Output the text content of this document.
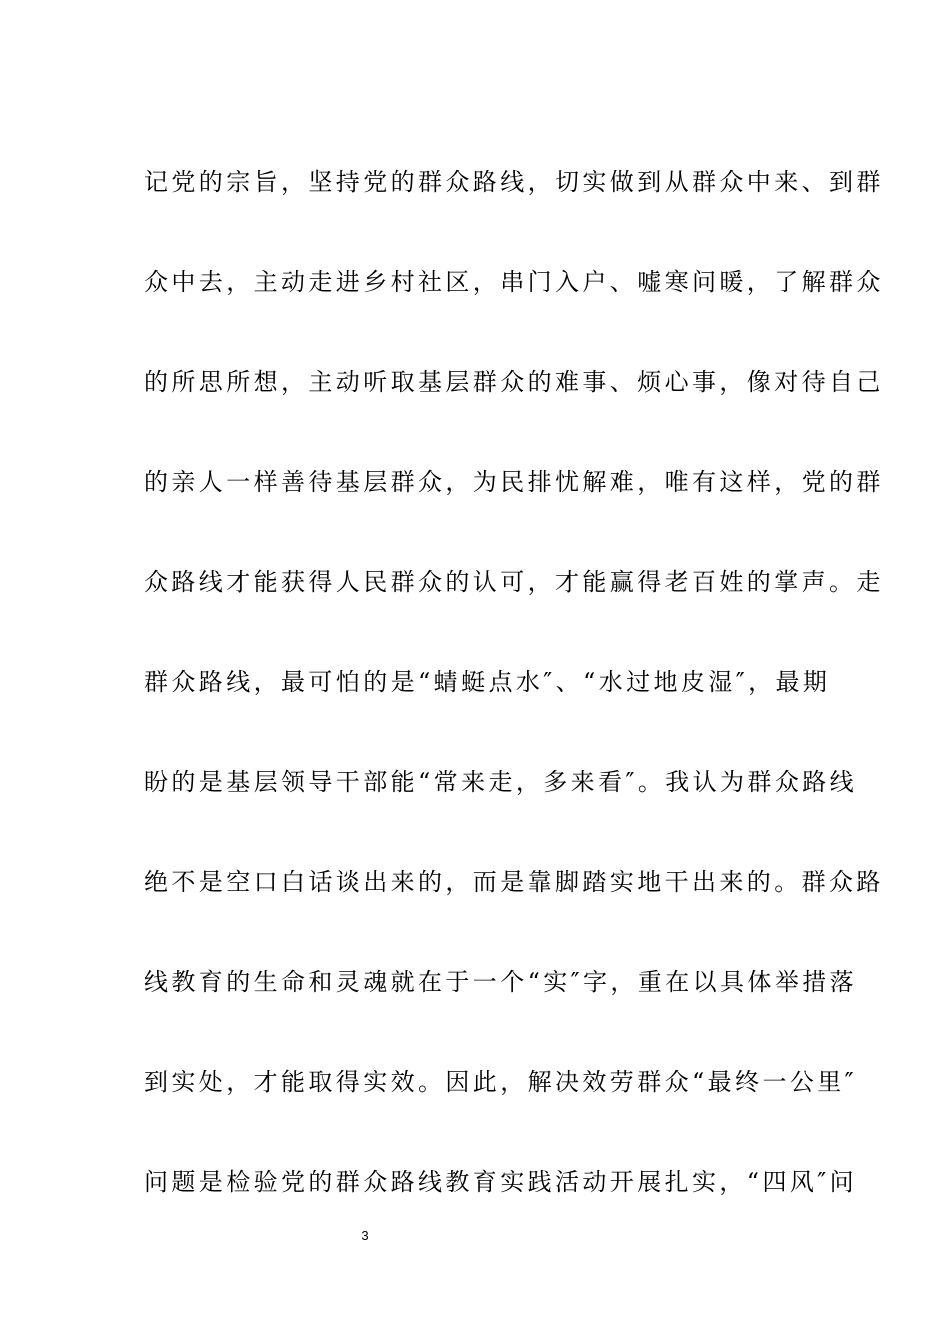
记党的宗旨，坚持党的群众路线，切实做到从群众中来、到群

众中去，主动走进乡村社区，串门入户、嘘寒问暖，了解群众

的所思所想，主动听取基层群众的难事、烦心事，像对待自己

的亲人一样善待基层群众，为民排忧解难，唯有这样，党的群

众路线才能获得人民群众的认可，才能赢得老百姓的掌声。走

群众路线，最可怕的是“蜻蜓点水″、“水过地皮湿″，最期

盼的是基层领导干部能“常来走，多来看″。我认为群众路线

绝不是空口白话谈出来的，而是靠脚踏实地干出来的。群众路

线教育的生命和灵魂就在于一个“实″字，重在以具体举措落

到实处，才能取得实效。因此，解决效劳群众“最终一公里″

问题是检验党的群众路线教育实践活动开展扎实，“四风″问

3
